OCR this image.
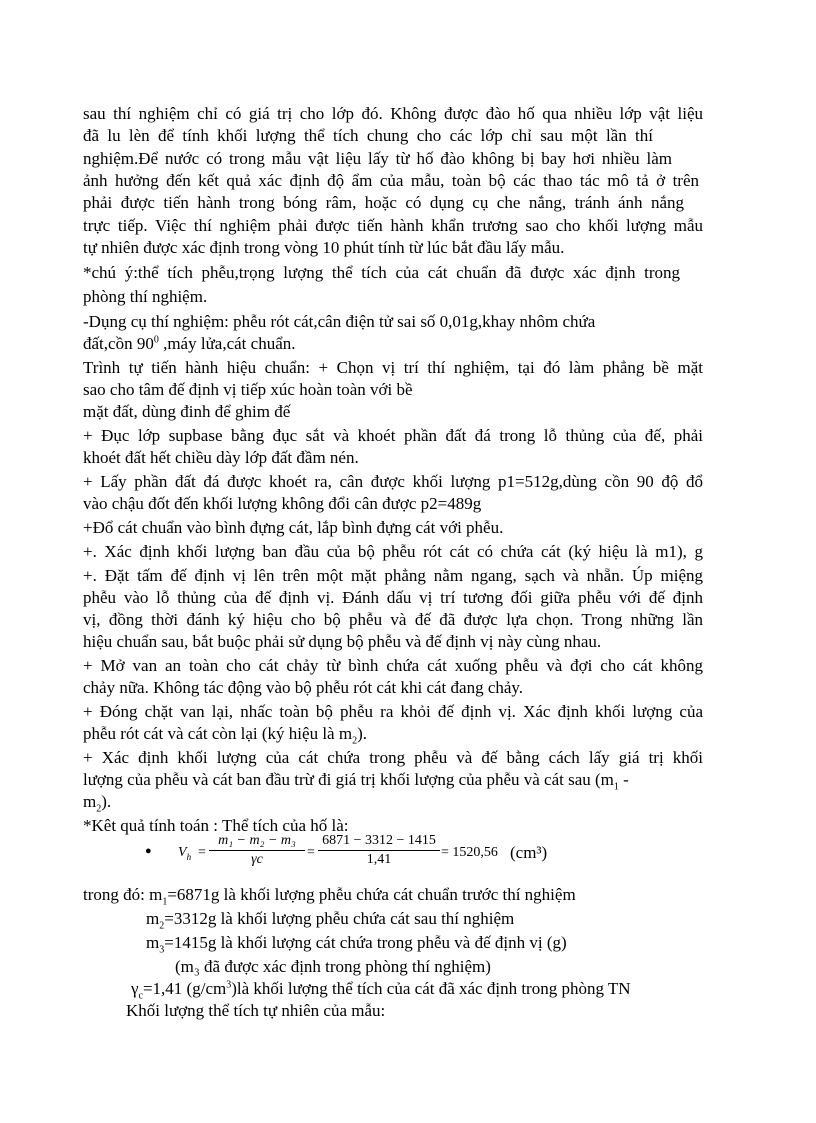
sau thí nghiệm chỉ có giá trị cho lớp đó. Không được đào hố qua nhiều lớp vật liệu
đã lu lèn để tính khối lượng thể tích chung cho các lớp chỉ sau một lần thí
nghiệm.Để nước có trong mẫu vật liệu lấy từ hố đào không bị bay hơi nhiều làm
ảnh hưởng đến kết quả xác định độ ẩm của mẫu, toàn bộ các thao tác mô tả ở trên
phải được tiến hành trong bóng râm, hoặc có dụng cụ che nắng, tránh ánh nắng
trực tiếp. Việc thí nghiệm phải được tiến hành khẩn trương sao cho khối lượng mẫu
tự nhiên được xác định trong vòng 10 phút tính từ lúc bắt đầu lấy mẫu.
*chú ý:thể tích phễu,trọng lượng thể tích của cát chuẩn đã được xác định trong
phòng thí nghiệm.
-Dụng cụ thí nghiệm: phễu rót cát,cân điện tử sai số 0,01g,khay nhôm chứa
đất,cồn $90^0$ ,máy lửa,cát chuẩn.
Trình tự tiến hành hiệu chuẩn: + Chọn vị trí thí nghiệm, tại đó làm phẳng bề mặt
sao cho tâm đế định vị tiếp xúc hoàn toàn với bề
mặt đất, dùng đinh để ghim đế
+ Đục lớp supbase bằng đục sắt và khoét phần đất đá trong lỗ thủng của đế, phải
khoét đất hết chiều dày lớp đất đầm nén.
+ Lấy phần đất đá được khoét ra, cân được khối lượng p1=512g,dùng cồn 90 độ đổ
vào chậu đốt đến khối lượng không đổi cân được p2=489g
+Đổ cát chuẩn vào bình đựng cát, lắp bình đựng cát với phễu.
+. Xác định khối lượng ban đầu của bộ phễu rót cát có chứa cát (ký hiệu là m1), g
+. Đặt tấm đế định vị lên trên một mặt phẳng nằm ngang, sạch và nhẵn. Úp miệng
phễu vào lỗ thủng của đế định vị. Đánh dấu vị trí tương đối giữa phễu với đế định
vị, đồng thời đánh ký hiệu cho bộ phễu và đế đã được lựa chọn. Trong những lần
hiệu chuẩn sau, bắt buộc phải sử dụng bộ phễu và đế định vị này cùng nhau.
+ Mở van an toàn cho cát chảy từ bình chứa cát xuống phễu và đợi cho cát không
chảy nữa. Không tác động vào bộ phễu rót cát khi cát đang chảy.
+ Đóng chặt van lại, nhấc toàn bộ phễu ra khỏi đế định vị. Xác định khối lượng của
phễu rót cát và cát còn lại (ký hiệu là $m_2$).
+ Xác định khối lượng của cát chứa trong phễu và đế bằng cách lấy giá trị khối
lượng của phễu và cát ban đầu trừ đi giá trị khối lượng của phễu và cát sau ($m_1$ -
$m_2$).
*Kêt quả tính toán : Thể tích của hố là:
● $V_h$ =
m₁ − m₂ − m₃
γc	=
6871 − 3312 − 1415
1,41	= 1520,56 (cm³)
trong đó: $m_1=6871g$ là khối lượng phễu chứa cát chuẩn trước thí nghiệm
$m_2=3312g$ là khối lượng phễu chứa cát sau thí nghiệm
$m_3=1415g$ là khối lượng cát chứa trong phễu và đế định vị (g)
(m₃ đã được xác định trong phòng thí nghiệm)
$\gamma_c=1,41$ $(g/cm^3)là$ khối lượng thể tích của cát đã xác định trong phòng TN
Khối lượng thể tích tự nhiên của mẫu:
